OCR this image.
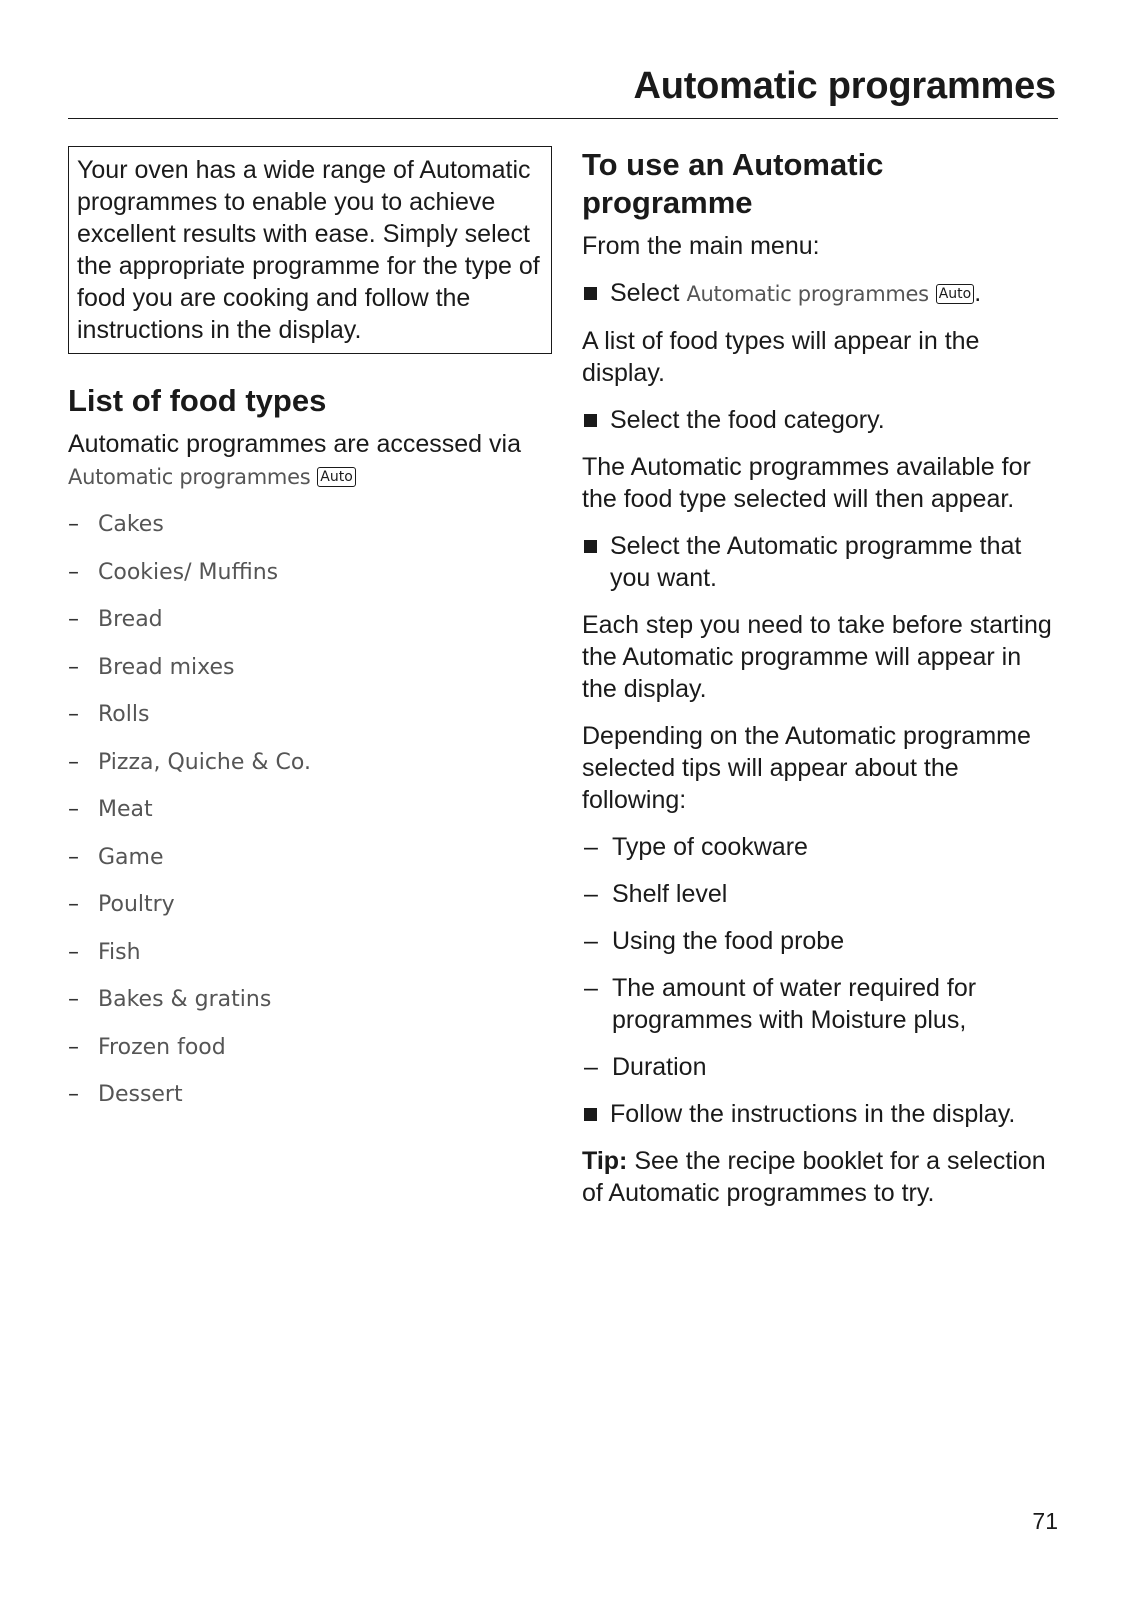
Automatic programmes
Your oven has a wide range of Automatic programmes to enable you to achieve excellent results with ease. Simply select the appropriate programme for the type of food you are cooking and follow the instructions in the display.
List of food types

Automatic programmes are accessed via Automatic programmes Auto

– Cakes
– Cookies/ Muffins
– Bread
– Bread mixes
– Rolls
– Pizza, Quiche & Co.
– Meat
– Game
– Poultry
– Fish
– Bakes & gratins
– Frozen food
– Dessert
To use an Automatic programme

From the main menu:

Select Automatic programmes Auto .

A list of food types will appear in the display.

Select the food category.

The Automatic programmes available for the food type selected will then appear.

Select the Automatic programme that you want.

Each step you need to take before starting the Automatic programme will appear in the display.

Depending on the Automatic programme selected tips will appear about the following:

– Type of cookware
– Shelf level
– Using the food probe
– The amount of water required for programmes with Moisture plus,
– Duration
Follow the instructions in the display.

Tip: See the recipe booklet for a selection of Automatic programmes to try.

71
